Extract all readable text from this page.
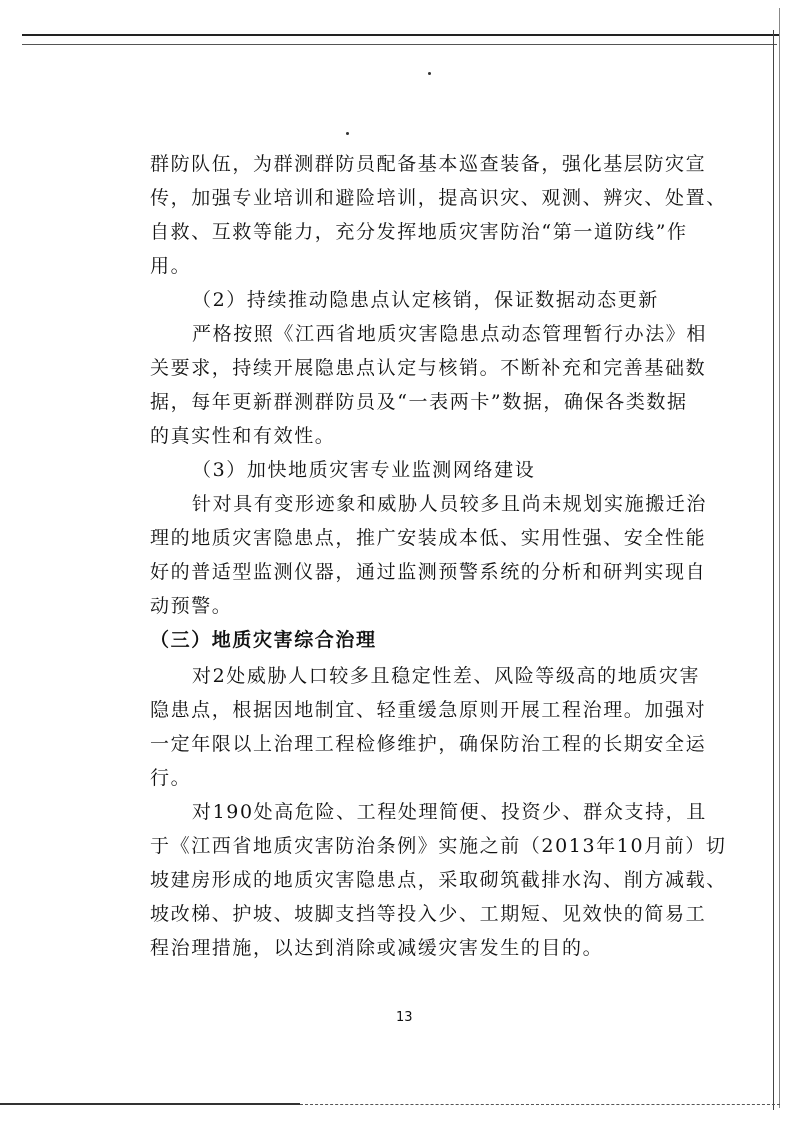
群防队伍，为群测群防员配备基本巡查装备，强化基层防灾宣
传，加强专业培训和避险培训，提高识灾、观测、辨灾、处置、
自救、互救等能力，充分发挥地质灾害防治“第一道防线”作
用。
（2）持续推动隐患点认定核销，保证数据动态更新
严格按照《江西省地质灾害隐患点动态管理暂行办法》相
关要求，持续开展隐患点认定与核销。不断补充和完善基础数
据，每年更新群测群防员及“一表两卡”数据，确保各类数据
的真实性和有效性。
（3）加快地质灾害专业监测网络建设
针对具有变形迹象和威胁人员较多且尚未规划实施搬迁治
理的地质灾害隐患点，推广安装成本低、实用性强、安全性能
好的普适型监测仪器，通过监测预警系统的分析和研判实现自
动预警。
（三）地质灾害综合治理
对2处威胁人口较多且稳定性差、风险等级高的地质灾害
隐患点，根据因地制宜、轻重缓急原则开展工程治理。加强对
一定年限以上治理工程检修维护，确保防治工程的长期安全运
行。
对190处高危险、工程处理简便、投资少、群众支持，且
于《江西省地质灾害防治条例》实施之前（2013年10月前）切
坡建房形成的地质灾害隐患点，采取砌筑截排水沟、削方减载、
坡改梯、护坡、坡脚支挡等投入少、工期短、见效快的简易工
程治理措施，以达到消除或减缓灾害发生的目的。
13
